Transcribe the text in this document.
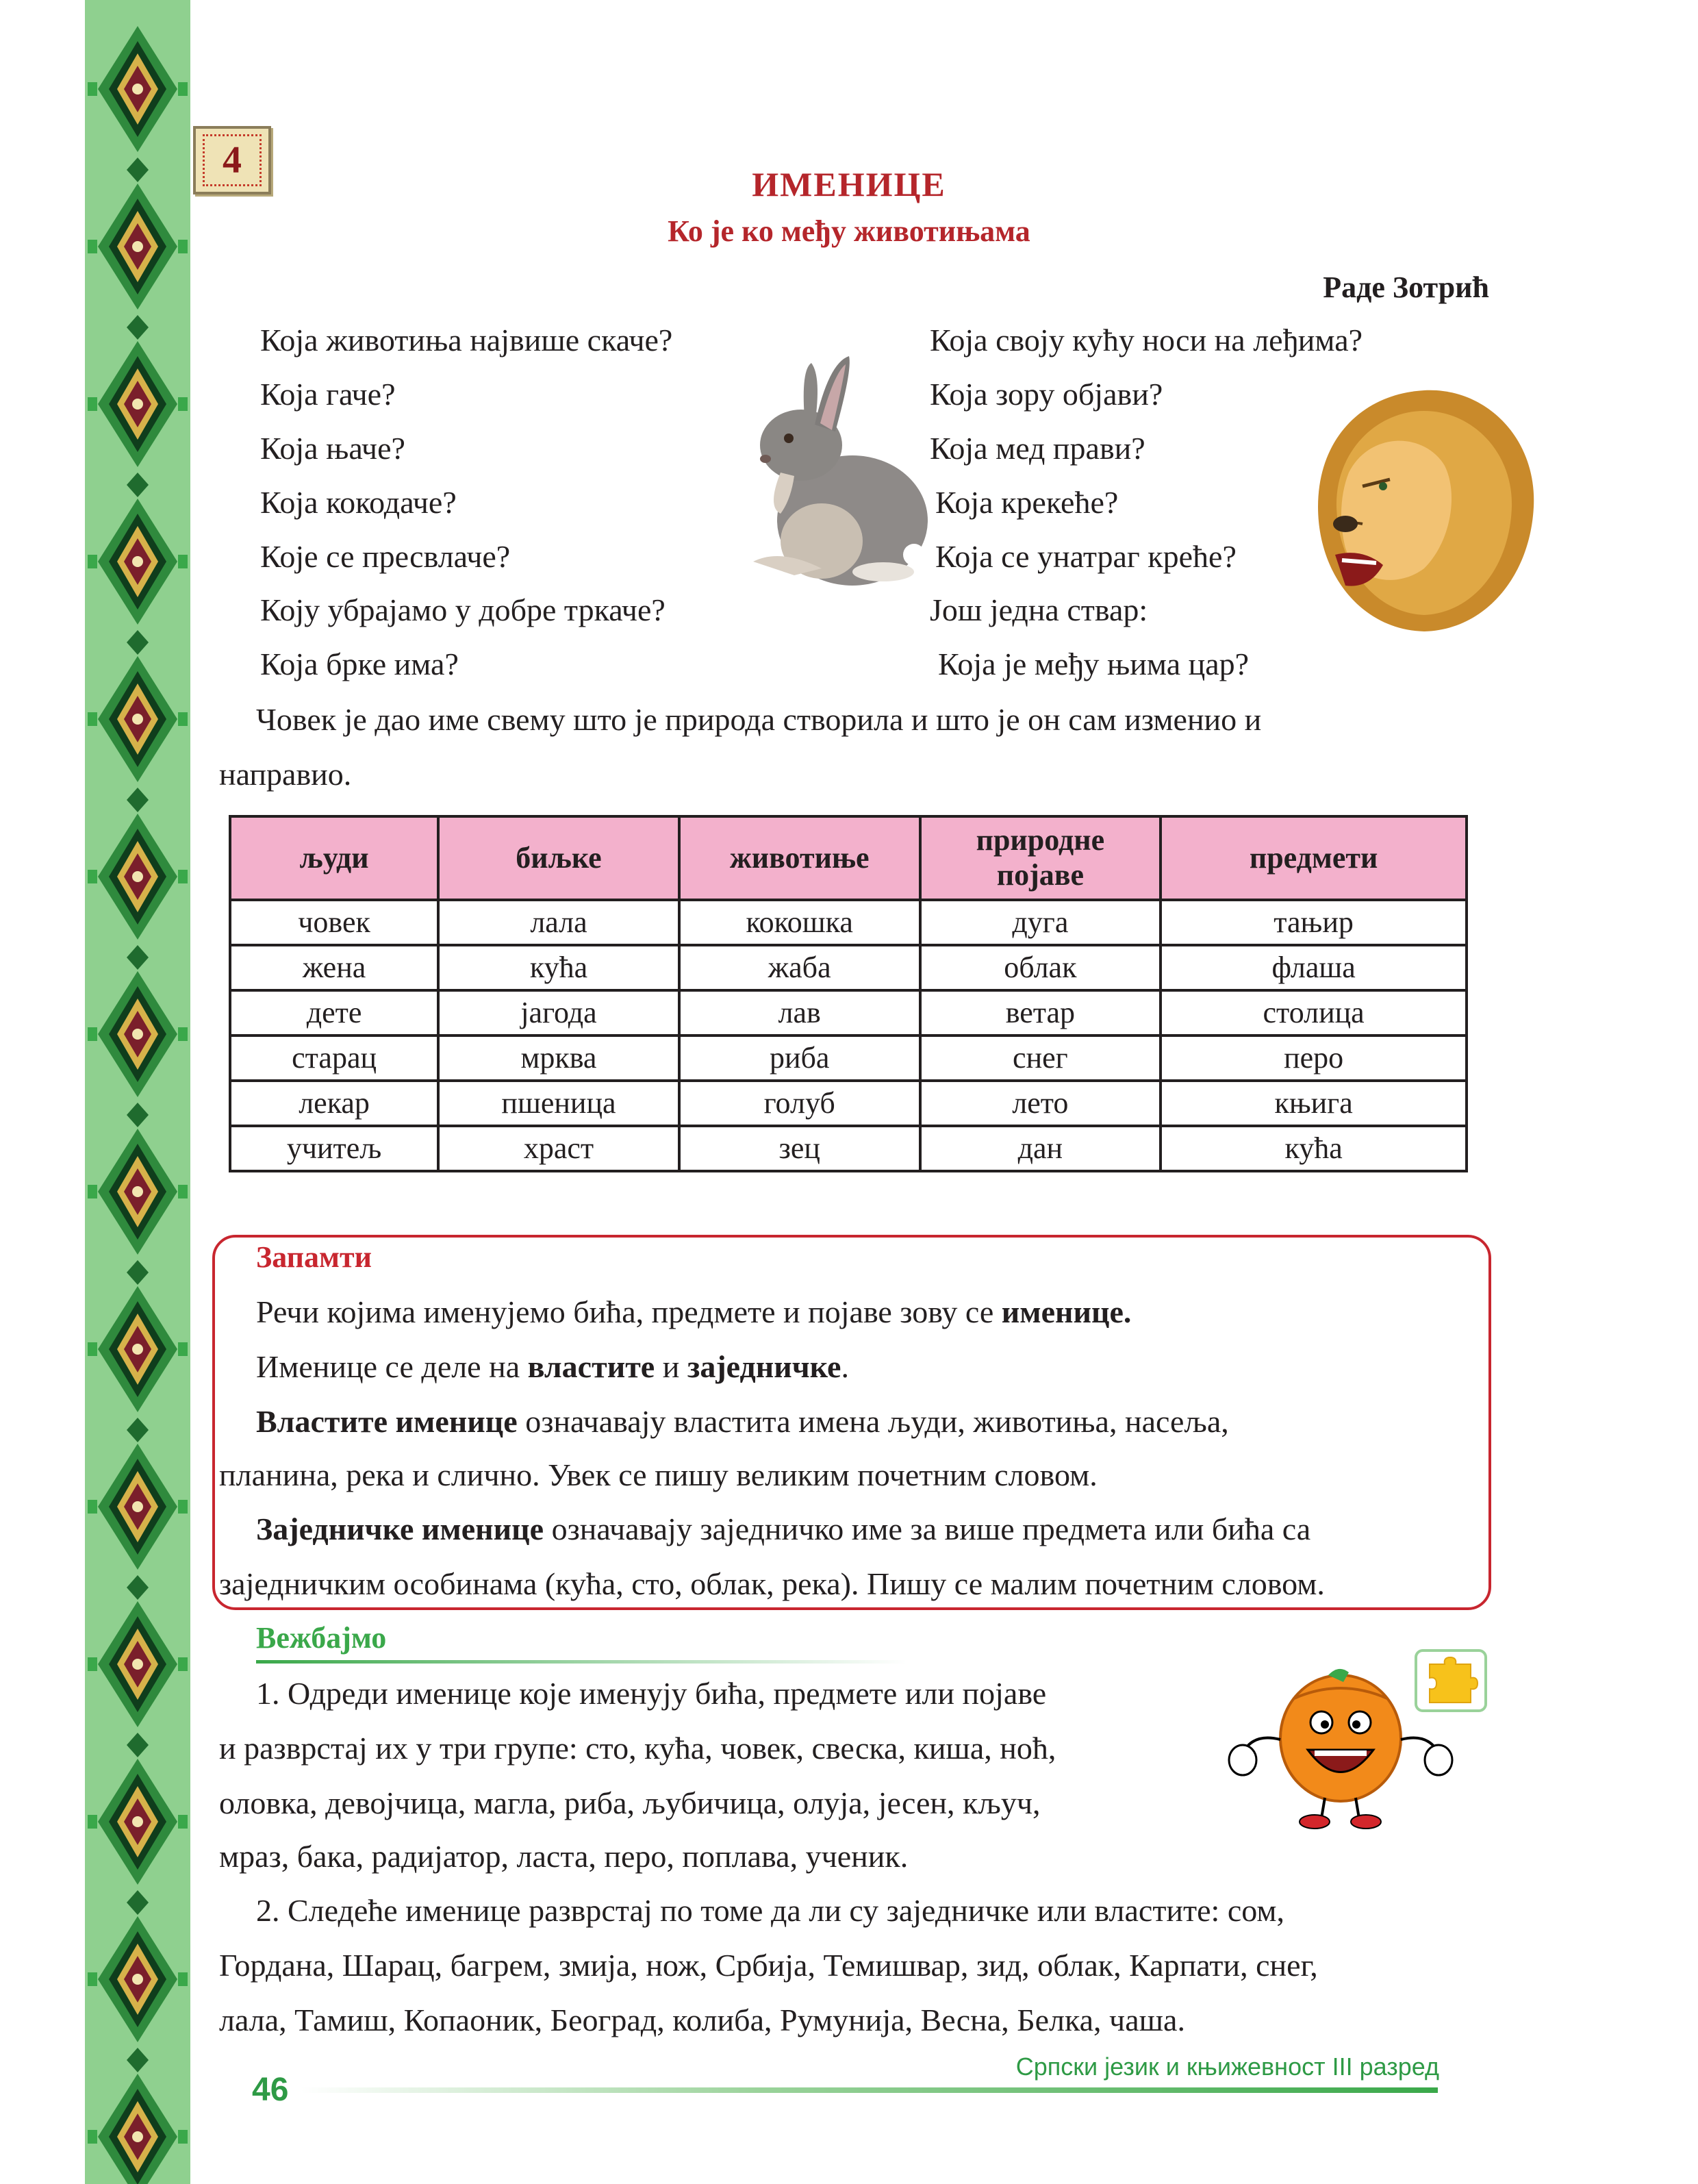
4
ИМЕНИЦЕ
Ко је ко међу животињама
Раде Зотрић
Која животиња највише скаче?
Која гаче?
Која њаче?
Која кокодаче?
Које се пресвлаче?
Коју убрајамо у добре тркаче?
Која брке има?
Која своју кућу носи на леђима?
Која зору објави?
Која мед прави?
Која крекеће?
Која се унатраг креће?
Још једна ствар:
Која је међу њима цар?
Човек је дао име свему што је природа створила и што је он сам изменио и
направио.
људи	биљке	животиње	природне појаве	предмети
човек	лала	кокошка	дуга	тањир
жена	кућа	жаба	облак	флаша
дете	јагода	лав	ветар	столица
старац	мрква	риба	снег	перо
лекар	пшеница	голуб	лето	књига
учитељ	храст	зец	дан	кућа
Запамти
Речи којима именујемо бића, предмете и појаве зову се именице.
Именице се деле на властите и заједничке.
Властите именице означавају властита имена људи, животиња, насеља,
планина, река и слично. Увек се пишу великим почетним словом.
Заједничке именице означавају заједничко име за више предмета или бића са
заједничким особинама (кућа, сто, облак, река). Пишу се малим почетним словом.
Вежбајмо
1. Одреди именице које именују бића, предмете или појаве
и разврстај их у три групе: сто, кућа, човек, свеска, киша, ноћ,
оловка, девојчица, магла, риба, љубичица, олуја, јесен, кључ,
мраз, бака, радијатор, ласта, перо, поплава, ученик.
2. Следеће именице разврстај по томе да ли су заједничке или властите: сом,
Гордана, Шарац, багрем, змија, нож, Србија, Темишвар, зид, облак, Карпати, снег,
лала, Тамиш, Копаоник, Београд, колиба, Румунија, Весна, Белка, чаша.
46
Српски језик и књижевност III разред
